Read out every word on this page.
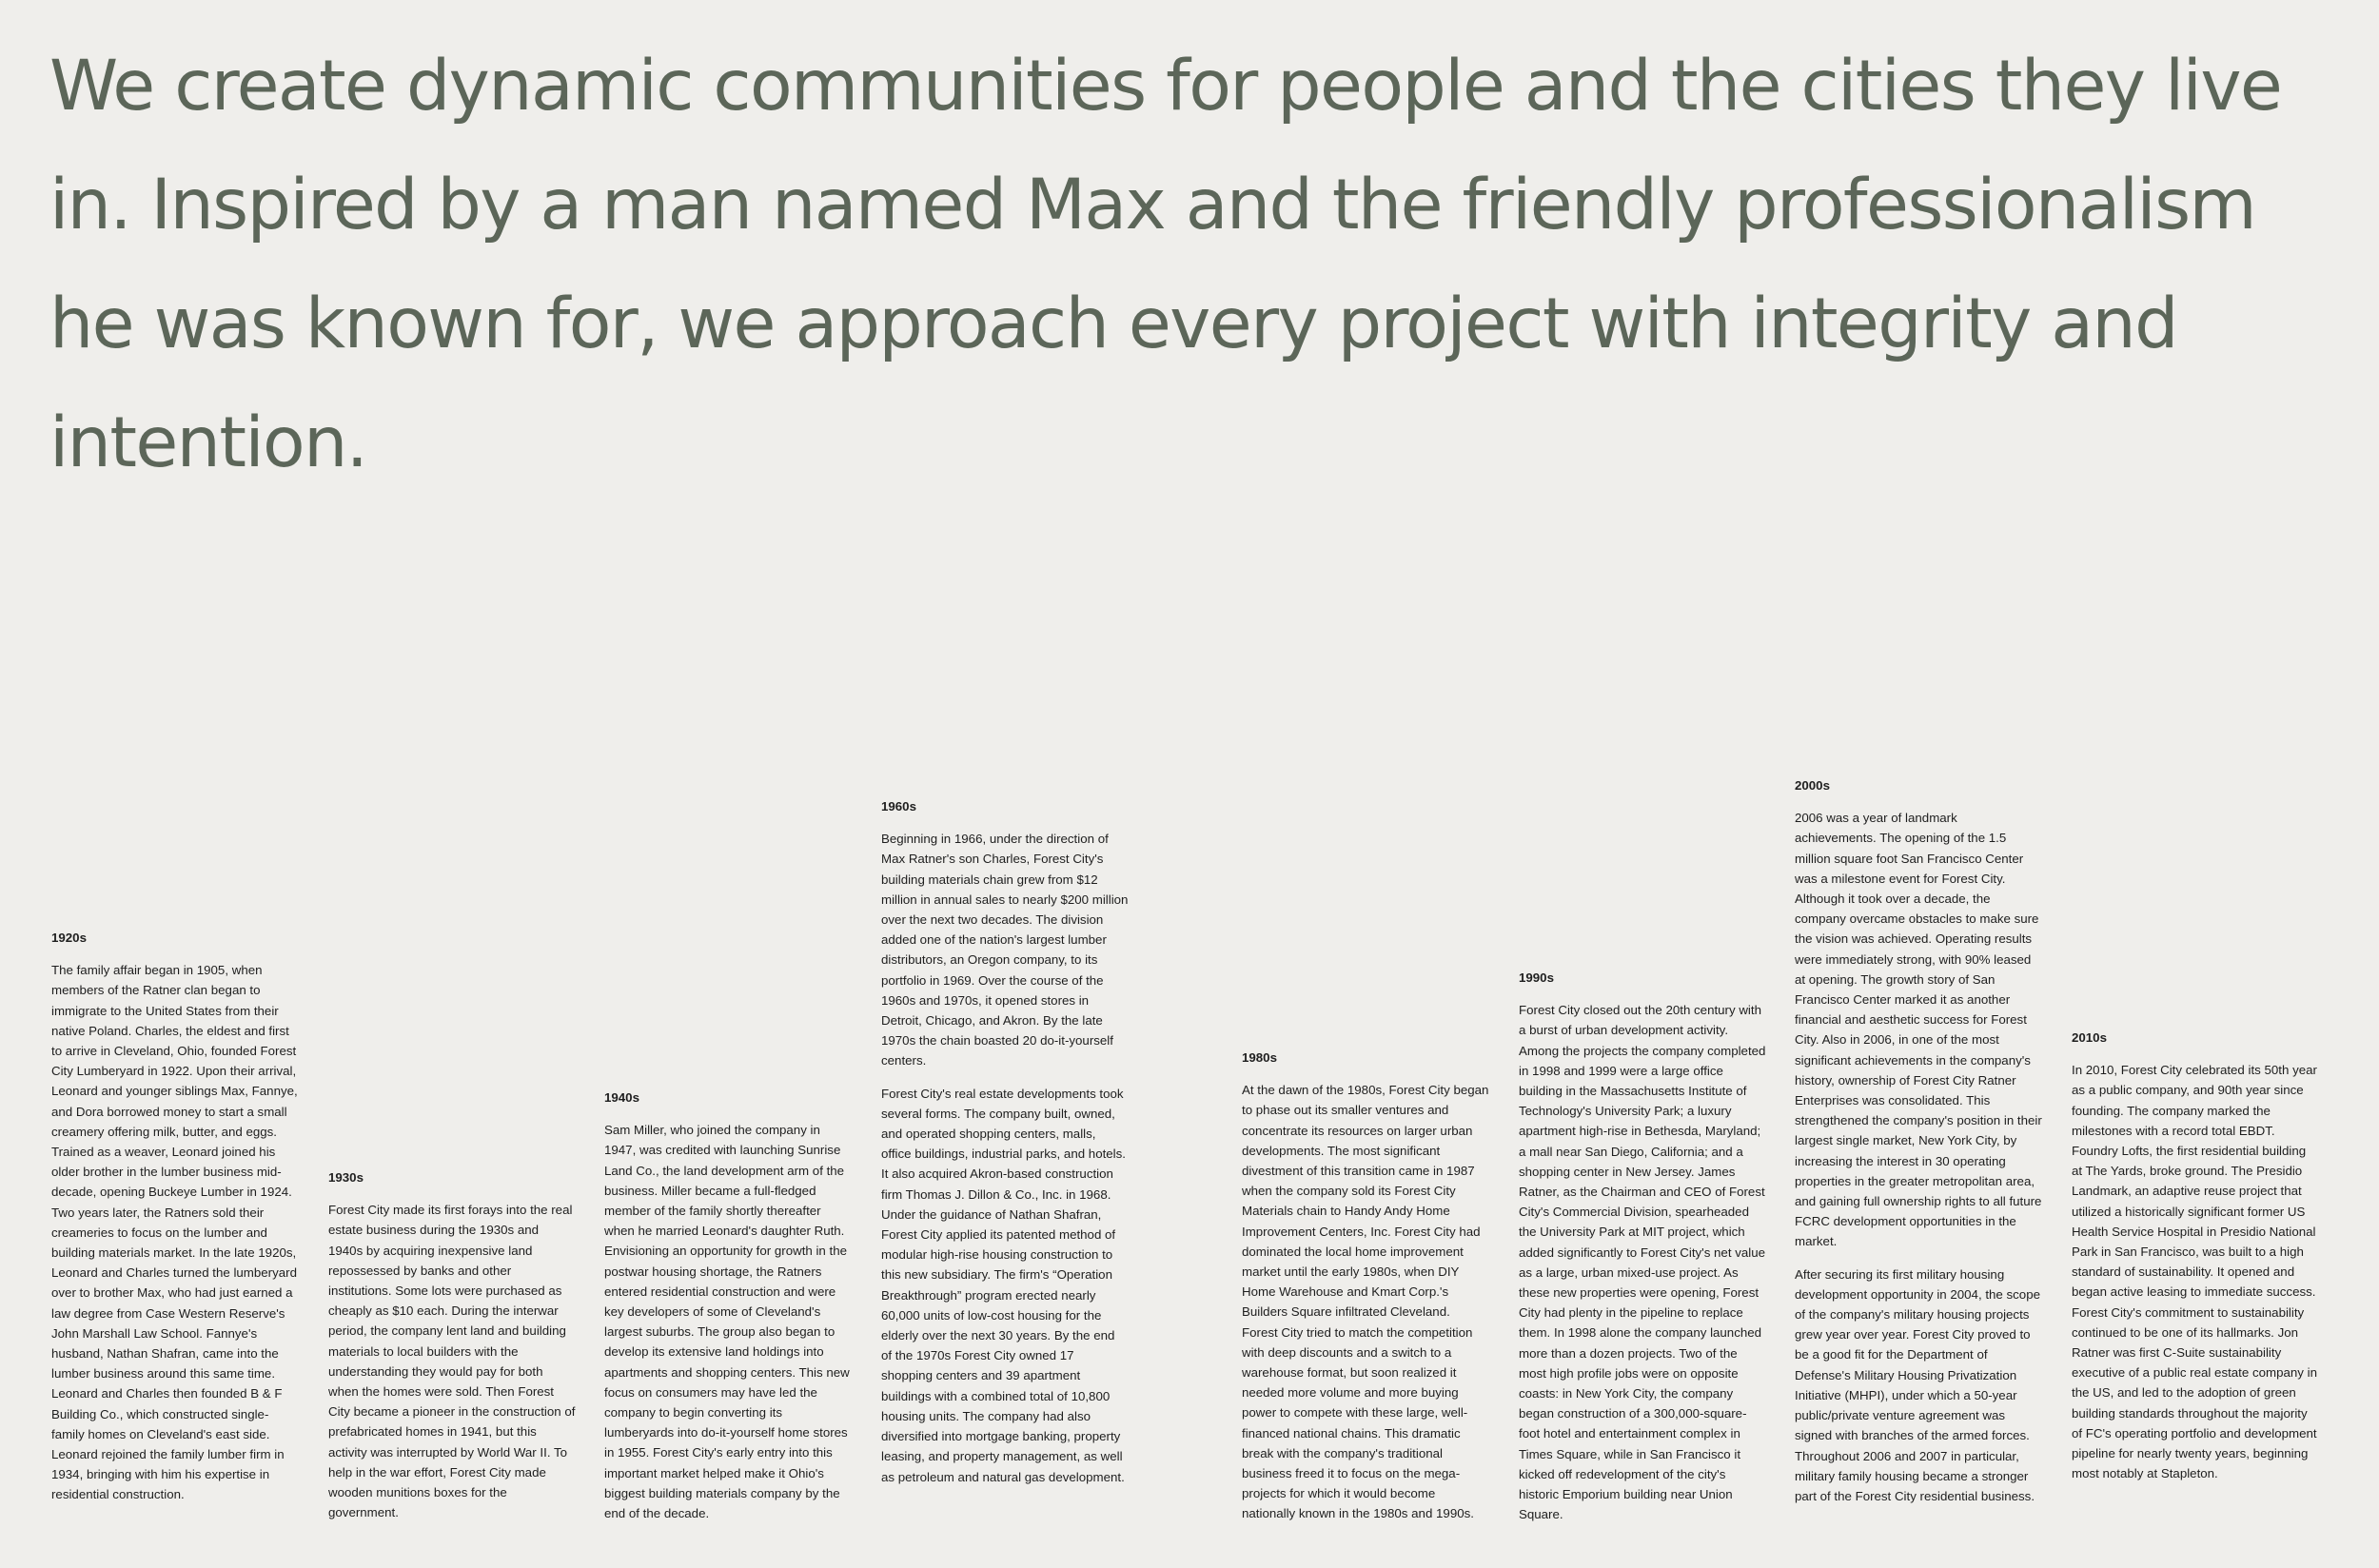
We create dynamic communities for people and the cities they live in. Inspired by a man named Max and the friendly professionalism he was known for, we approach every project with integrity and intention.
1920s

The family affair began in 1905, when members of the Ratner clan began to immigrate to the United States from their native Poland. Charles, the eldest and first to arrive in Cleveland, Ohio, founded Forest City Lumberyard in 1922. Upon their arrival, Leonard and younger siblings Max, Fannye, and Dora borrowed money to start a small creamery offering milk, butter, and eggs. Trained as a weaver, Leonard joined his older brother in the lumber business mid-decade, opening Buckeye Lumber in 1924. Two years later, the Ratners sold their creameries to focus on the lumber and building materials market. In the late 1920s, Leonard and Charles turned the lumberyard over to brother Max, who had just earned a law degree from Case Western Reserve's John Marshall Law School. Fannye's husband, Nathan Shafran, came into the lumber business around this same time. Leonard and Charles then founded B & F Building Co., which constructed single-family homes on Cleveland's east side. Leonard rejoined the family lumber firm in 1934, bringing with him his expertise in residential construction.

1930s

Forest City made its first forays into the real estate business during the 1930s and 1940s by acquiring inexpensive land repossessed by banks and other institutions. Some lots were purchased as cheaply as $10 each. During the interwar period, the company lent land and building materials to local builders with the understanding they would pay for both when the homes were sold. Then Forest City became a pioneer in the construction of prefabricated homes in 1941, but this activity was interrupted by World War II. To help in the war effort, Forest City made wooden munitions boxes for the government.

1940s

Sam Miller, who joined the company in 1947, was credited with launching Sunrise Land Co., the land development arm of the business. Miller became a full-fledged member of the family shortly thereafter when he married Leonard's daughter Ruth. Envisioning an opportunity for growth in the postwar housing shortage, the Ratners entered residential construction and were key developers of some of Cleveland's largest suburbs. The group also began to develop its extensive land holdings into apartments and shopping centers. This new focus on consumers may have led the company to begin converting its lumberyards into do-it-yourself home stores in 1955. Forest City's early entry into this important market helped make it Ohio's biggest building materials company by the end of the decade.

1960s

Beginning in 1966, under the direction of Max Ratner's son Charles, Forest City's building materials chain grew from $12 million in annual sales to nearly $200 million over the next two decades. The division added one of the nation's largest lumber distributors, an Oregon company, to its portfolio in 1969. Over the course of the 1960s and 1970s, it opened stores in Detroit, Chicago, and Akron. By the late 1970s the chain boasted 20 do-it-yourself centers.

Forest City's real estate developments took several forms. The company built, owned, and operated shopping centers, malls, office buildings, industrial parks, and hotels. It also acquired Akron-based construction firm Thomas J. Dillon & Co., Inc. in 1968. Under the guidance of Nathan Shafran, Forest City applied its patented method of modular high-rise housing construction to this new subsidiary. The firm's “Operation Breakthrough” program erected nearly 60,000 units of low-cost housing for the elderly over the next 30 years. By the end of the 1970s Forest City owned 17 shopping centers and 39 apartment buildings with a combined total of 10,800 housing units. The company had also diversified into mortgage banking, property leasing, and property management, as well as petroleum and natural gas development.

1980s

At the dawn of the 1980s, Forest City began to phase out its smaller ventures and concentrate its resources on larger urban developments. The most significant divestment of this transition came in 1987 when the company sold its Forest City Materials chain to Handy Andy Home Improvement Centers, Inc. Forest City had dominated the local home improvement market until the early 1980s, when DIY Home Warehouse and Kmart Corp.'s Builders Square infiltrated Cleveland. Forest City tried to match the competition with deep discounts and a switch to a warehouse format, but soon realized it needed more volume and more buying power to compete with these large, well-financed national chains. This dramatic break with the company's traditional business freed it to focus on the mega-projects for which it would become nationally known in the 1980s and 1990s.

1990s

Forest City closed out the 20th century with a burst of urban development activity. Among the projects the company completed in 1998 and 1999 were a large office building in the Massachusetts Institute of Technology's University Park; a luxury apartment high-rise in Bethesda, Maryland; a mall near San Diego, California; and a shopping center in New Jersey. James Ratner, as the Chairman and CEO of Forest City's Commercial Division, spearheaded the University Park at MIT project, which added significantly to Forest City's net value as a large, urban mixed-use project. As these new properties were opening, Forest City had plenty in the pipeline to replace them. In 1998 alone the company launched more than a dozen projects. Two of the most high profile jobs were on opposite coasts: in New York City, the company began construction of a 300,000-square-foot hotel and entertainment complex in Times Square, while in San Francisco it kicked off redevelopment of the city's historic Emporium building near Union Square.

2000s

2006 was a year of landmark achievements. The opening of the 1.5 million square foot San Francisco Center was a milestone event for Forest City. Although it took over a decade, the company overcame obstacles to make sure the vision was achieved. Operating results were immediately strong, with 90% leased at opening. The growth story of San Francisco Center marked it as another financial and aesthetic success for Forest City. Also in 2006, in one of the most significant achievements in the company's history, ownership of Forest City Ratner Enterprises was consolidated. This strengthened the company's position in their largest single market, New York City, by increasing the interest in 30 operating properties in the greater metropolitan area, and gaining full ownership rights to all future FCRC development opportunities in the market.

After securing its first military housing development opportunity in 2004, the scope of the company's military housing projects grew year over year. Forest City proved to be a good fit for the Department of Defense's Military Housing Privatization Initiative (MHPI), under which a 50-year public/private venture agreement was signed with branches of the armed forces. Throughout 2006 and 2007 in particular, military family housing became a stronger part of the Forest City residential business.

2010s

In 2010, Forest City celebrated its 50th year as a public company, and 90th year since founding. The company marked the milestones with a record total EBDT. Foundry Lofts, the first residential building at The Yards, broke ground. The Presidio Landmark, an adaptive reuse project that utilized a historically significant former US Health Service Hospital in Presidio National Park in San Francisco, was built to a high standard of sustainability. It opened and began active leasing to immediate success. Forest City's commitment to sustainability continued to be one of its hallmarks. Jon Ratner was first C-Suite sustainability executive of a public real estate company in the US, and led to the adoption of green building standards throughout the majority of FC's operating portfolio and development pipeline for nearly twenty years, beginning most notably at Stapleton.
